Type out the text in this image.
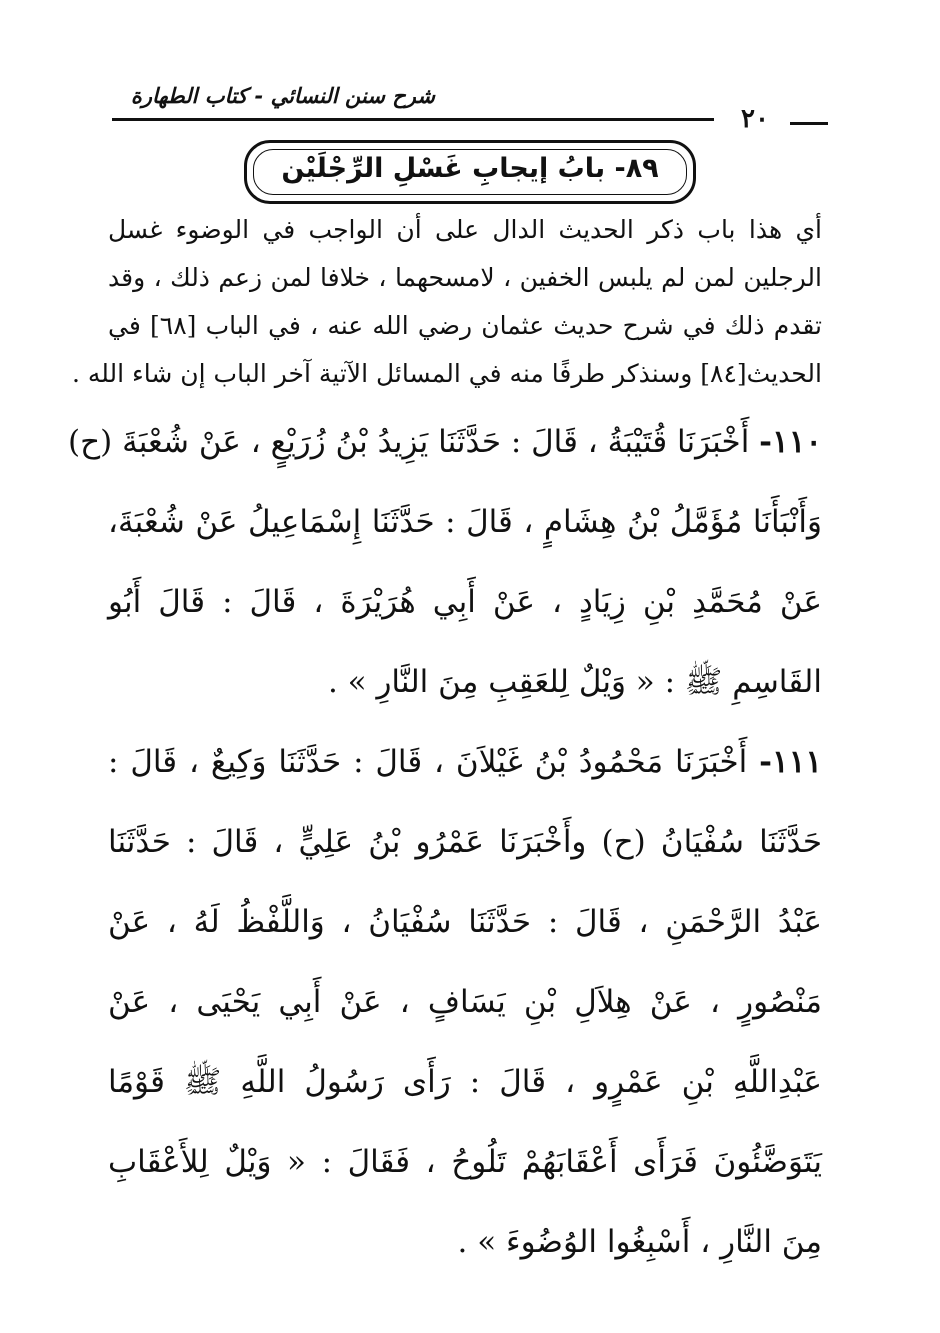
شرح سنن النسائي - كتاب الطهارة
٢٠
٨٩- بابُ إيجابِ غَسْلِ الرِّجْلَيْن
أي هذا باب ذكر الحديث الدال على أن الواجب في الوضوء غسل
الرجلين لمن لم يلبس الخفين ، لامسحهما ، خلافا لمن زعم ذلك ، وقد
تقدم ذلك في شرح حديث عثمان رضي الله عنه ، في الباب [٦٨] في
الحديث[٨٤] وسنذكر طرفًا منه في المسائل الآتية آخر الباب إن شاء الله .
١١٠- أَخْبَرَنَا قُتَيْبَةُ ، قَالَ : حَدَّثَنَا يَزِيدُ بْنُ زُرَيْعٍ ، عَنْ شُعْبَةَ (ح)
وَأَنْبَأَنَا مُؤَمَّلُ بْنُ هِشَامٍ ، قَالَ : حَدَّثَنَا إِسْمَاعِيلُ عَنْ شُعْبَةَ،
عَنْ مُحَمَّدِ بْنِ زِيَادٍ ، عَنْ أَبِي هُرَيْرَةَ ، قَالَ : قَالَ أَبُو
القَاسِمِ ﷺ : « وَيْلٌ لِلعَقِبِ مِنَ النَّارِ » .
١١١- أَخْبَرَنَا مَحْمُودُ بْنُ غَيْلاَنَ ، قَالَ : حَدَّثَنَا وَكِيعٌ ، قَالَ :
حَدَّثَنَا سُفْيَانُ (ح) وأَخْبَرَنَا عَمْرُو بْنُ عَلِيٍّ ، قَالَ : حَدَّثَنَا
عَبْدُ الرَّحْمَنِ ، قَالَ : حَدَّثَنَا سُفْيَانُ ، وَاللَّفْظُ لَهُ ، عَنْ
مَنْصُورٍ ، عَنْ هِلاَلِ بْنِ يَسَافٍ ، عَنْ أَبِي يَحْيَى ، عَنْ
عَبْدِاللَّهِ بْنِ عَمْرٍو ، قَالَ : رَأَى رَسُولُ اللَّهِ ﷺ قَوْمًا
يَتَوَضَّئُونَ فَرَأَى أَعْقَابَهُمْ تَلُوحُ ، فَقَالَ : « وَيْلٌ لِلأَعْقَابِ
مِنَ النَّارِ ، أَسْبِغُوا الوُضُوءَ » .
